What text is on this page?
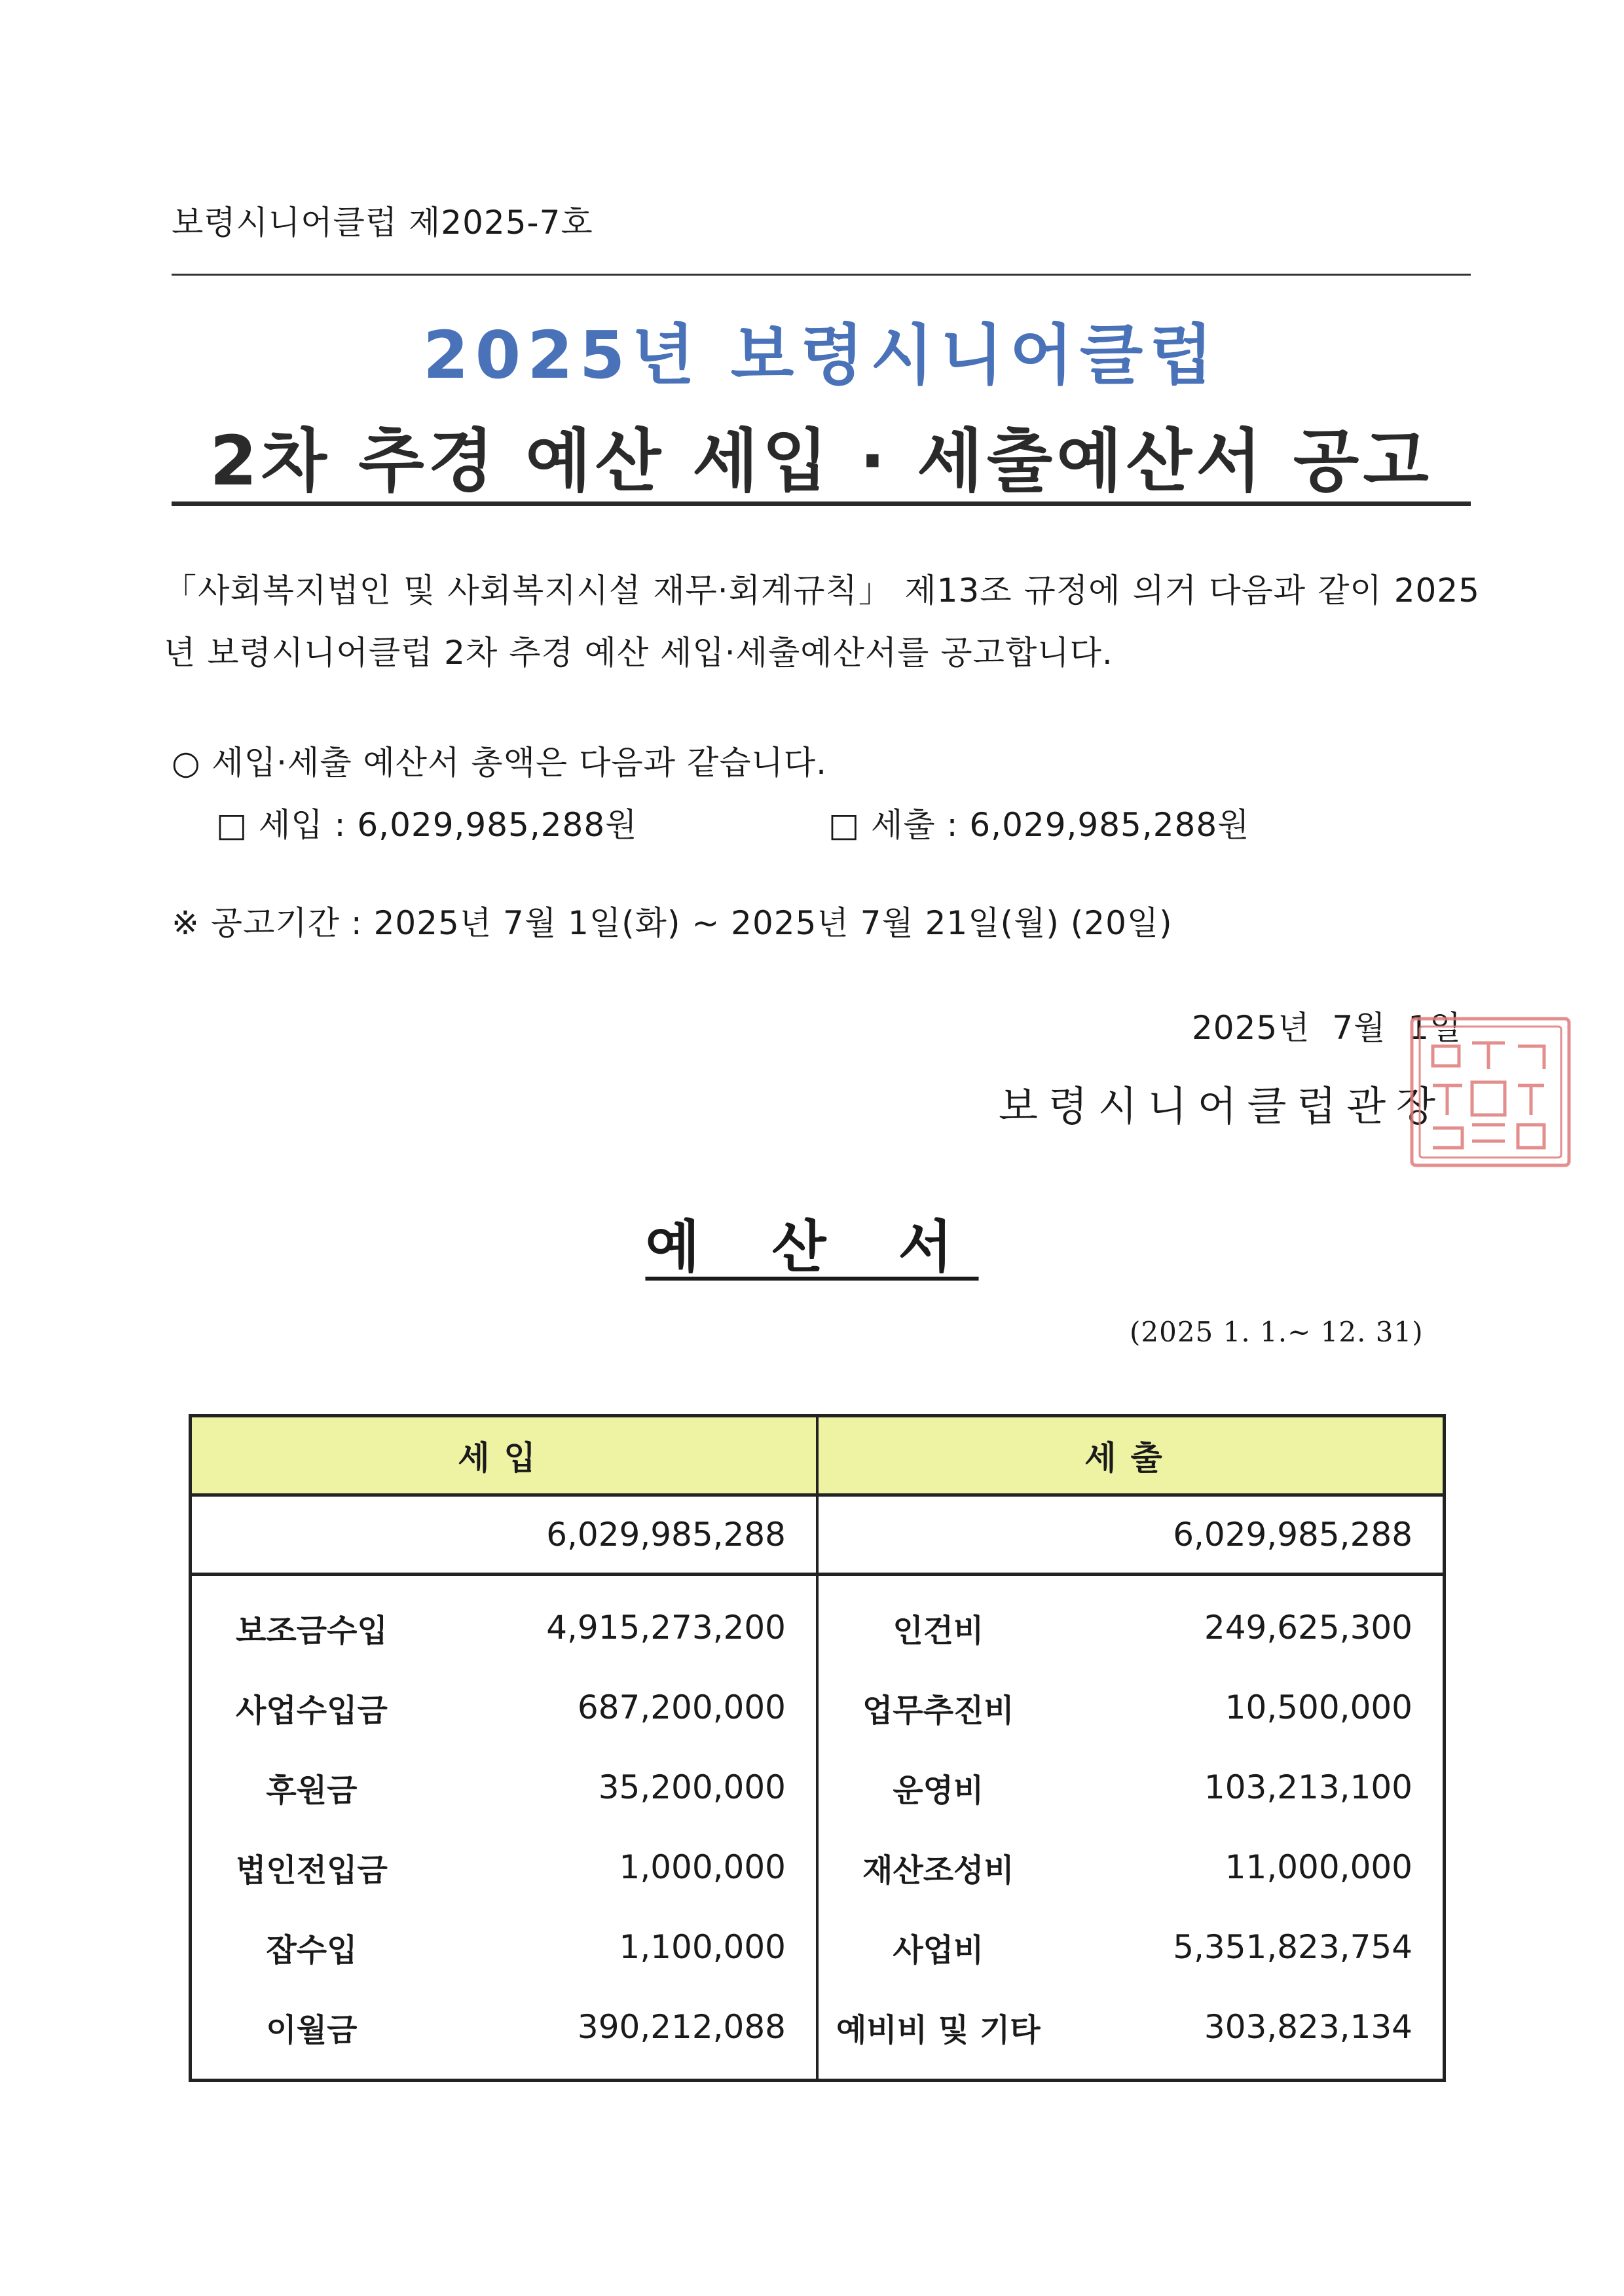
보령시니어클럽 제2025-7호
2025년 보령시니어클럽
2차 추경 예산 세입 · 세출예산서 공고
「사회복지법인 및 사회복지시설 재무·회계규칙」 제13조 규정에 의거 다음과 같이 2025년 보령시니어클럽 2차 추경 예산 세입·세출예산서를 공고합니다.
○ 세입·세출 예산서 총액은 다음과 같습니다.
□ 세입 : 6,029,985,288원	□ 세출 : 6,029,985,288원
※ 공고기간 : 2025년 7월 1일(화) ~ 2025년 7월 21일(월) (20일)
2025년  7월  1일
보령시니어클럽관장
예 산 서
(2025 1. 1.~ 12. 31)
세입		세출	
6,029,985,288		6,029,985,288	
보조금수입	4,915,273,200	인건비	249,625,300
사업수입금	687,200,000	업무추진비	10,500,000
후원금	35,200,000	운영비	103,213,100
법인전입금	1,000,000	재산조성비	11,000,000
잡수입	1,100,000	사업비	5,351,823,754
이월금	390,212,088	예비비 및 기타	303,823,134
